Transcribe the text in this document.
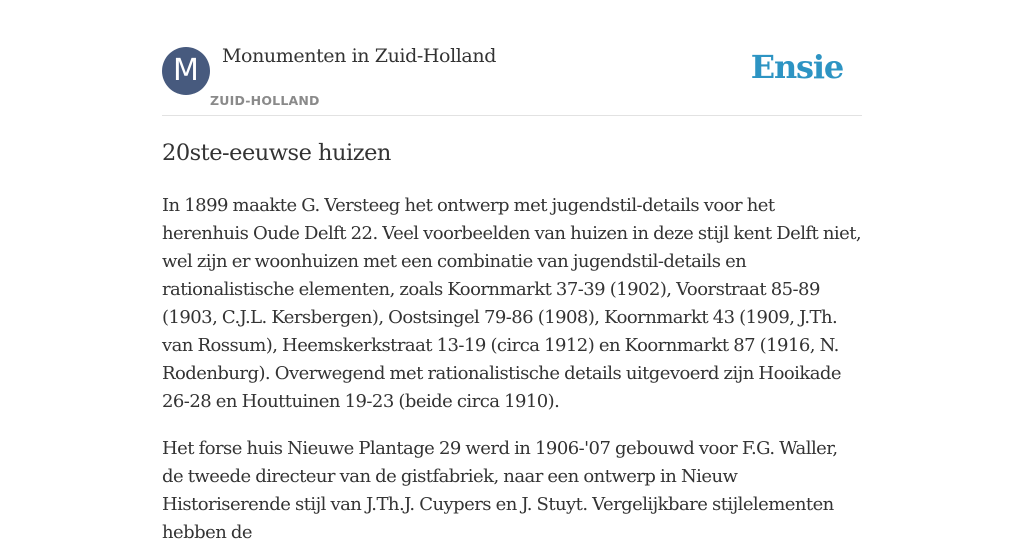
M	Monumenten in Zuid-Holland
ZUID-HOLLAND
Ensie
20ste-eeuwse huizen

In 1899 maakte G. Versteeg het ontwerp met jugendstil-details voor het herenhuis Oude Delft 22. Veel voorbeelden van huizen in deze stijl kent Delft niet, wel zijn er woonhuizen met een combinatie van jugendstil-details en rationalistische elementen, zoals Koornmarkt 37-39 (1902), Voorstraat 85-89 (1903, C.J.L. Kersbergen), Oostsingel 79-86 (1908), Koornmarkt 43 (1909, J.Th. van Rossum), Heemskerkstraat 13-19 (circa 1912) en Koornmarkt 87 (1916, N. Rodenburg). Overwegend met rationalistische details uitgevoerd zijn Hooikade 26-28 en Houttuinen 19-23 (beide circa 1910).

Het forse huis Nieuwe Plantage 29 werd in 1906-'07 gebouwd voor F.G. Waller, de tweede directeur van de gistfabriek, naar een ontwerp in Nieuw Historiserende stijl van J.Th.J. Cuypers en J. Stuyt. Vergelijkbare stijlelementen hebben de
